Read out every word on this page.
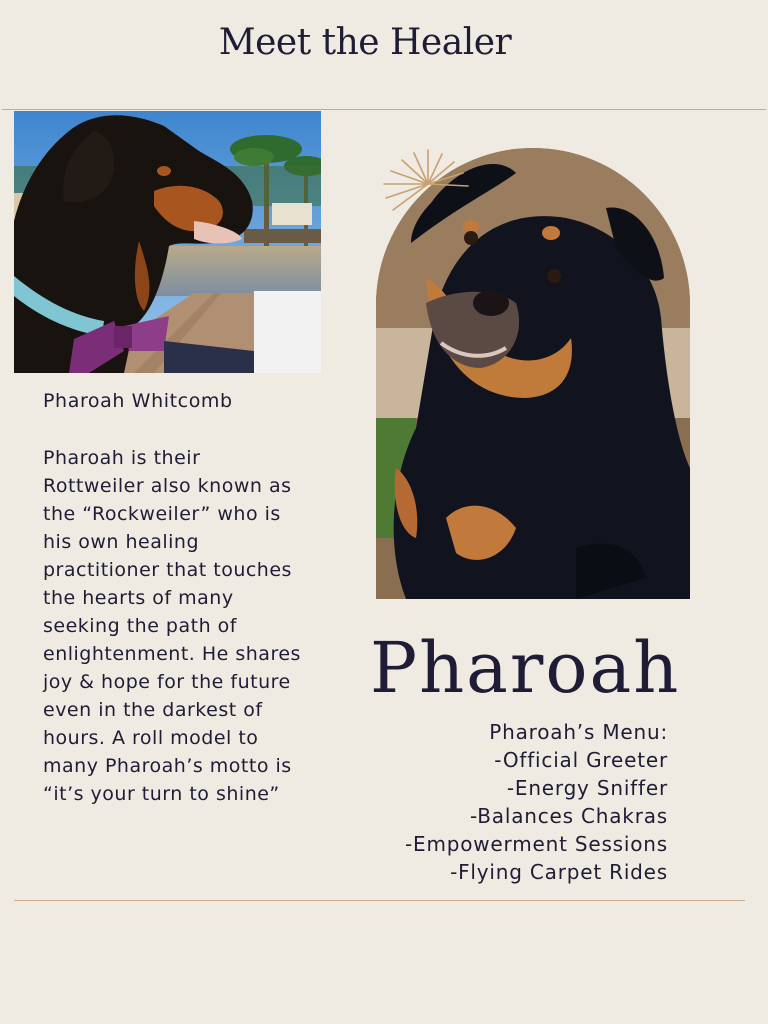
Meet the Healer
Pharoah Whitcomb
Pharoah is their Rottweiler also known as the “Rockweiler” who is his own healing practitioner that touches the hearts of many seeking the path of enlightenment. He shares joy & hope for the future even in the darkest of hours. A roll model to many Pharoah’s motto is “it’s your turn to shine”
Pharoah
Pharoah’s Menu:
-Official Greeter
-Energy Sniffer
-Balances Chakras
-Empowerment Sessions
-Flying Carpet Rides
